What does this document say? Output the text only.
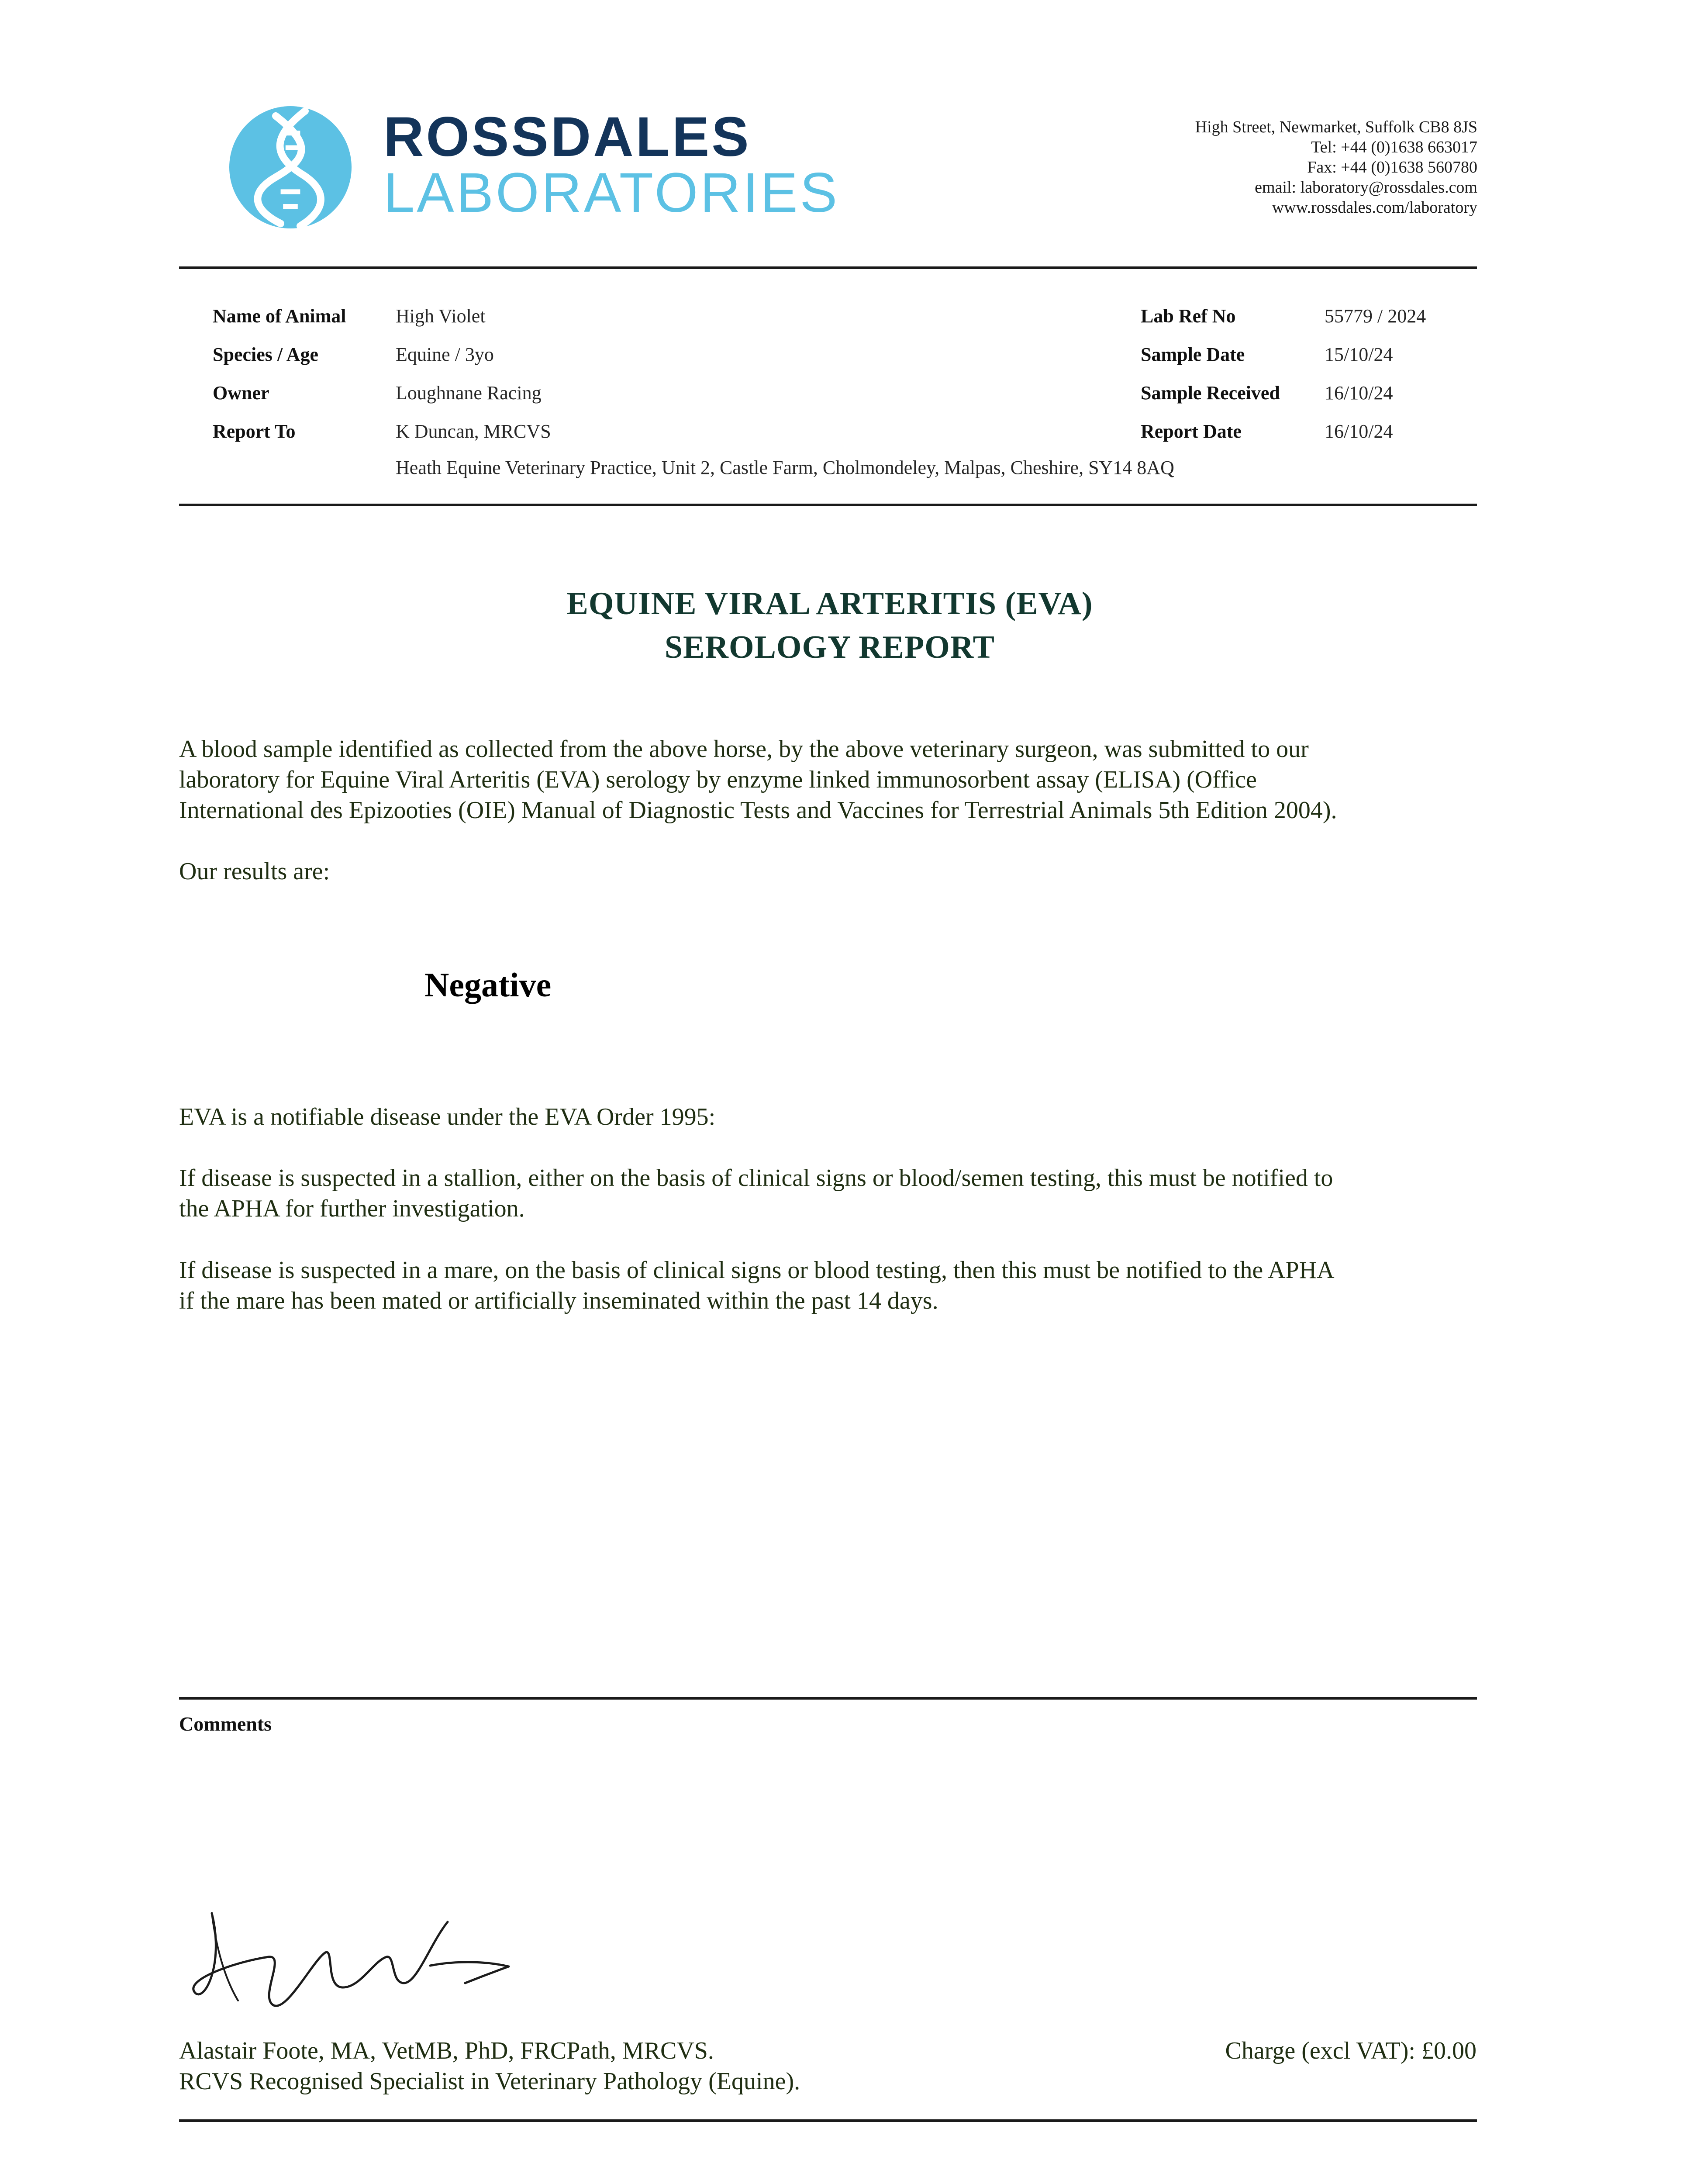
ROSSDALES
LABORATORIES
High Street, Newmarket, Suffolk CB8 8JS
Tel: +44 (0)1638 663017
Fax: +44 (0)1638 560780
email: laboratory@rossdales.com
www.rossdales.com/laboratory
Name of Animal	High Violet
Species / Age	Equine / 3yo
Owner	Loughnane Racing
Report To	K Duncan, MRCVS
Heath Equine Veterinary Practice, Unit 2, Castle Farm, Cholmondeley, Malpas, Cheshire, SY14 8AQ
Lab Ref No	55779 / 2024
Sample Date	15/10/24
Sample Received 16/10/24
Report Date	16/10/24
EQUINE VIRAL ARTERITIS (EVA)
SEROLOGY REPORT
A blood sample identified as collected from the above horse, by the above veterinary surgeon, was submitted to our
laboratory for Equine Viral Arteritis (EVA) serology by enzyme linked immunosorbent assay (ELISA) (Office
International des Epizooties (OIE) Manual of Diagnostic Tests and Vaccines for Terrestrial Animals 5th Edition 2004).
Our results are:
Negative
EVA is a notifiable disease under the EVA Order 1995:
If disease is suspected in a stallion, either on the basis of clinical signs or blood/semen testing, this must be notified to
the APHA for further investigation.
If disease is suspected in a mare, on the basis of clinical signs or blood testing, then this must be notified to the APHA
if the mare has been mated or artificially inseminated within the past 14 days.
Comments
Alastair Foote, MA, VetMB, PhD, FRCPath, MRCVS.
RCVS Recognised Specialist in Veterinary Pathology (Equine).
Charge (excl VAT): £0.00
